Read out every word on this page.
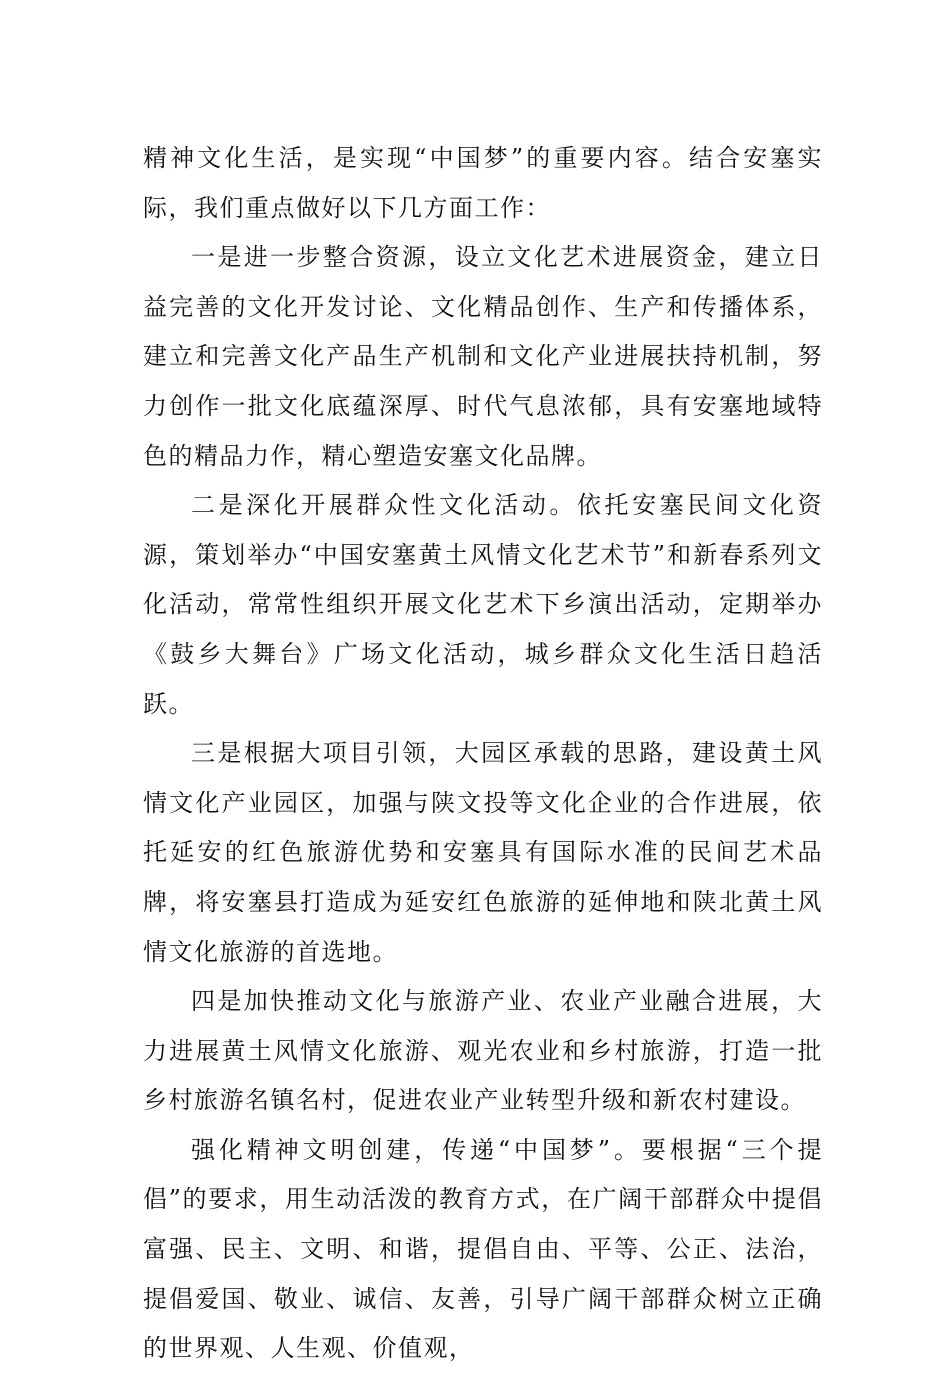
精神文化生活，是实现“中国梦”的重要内容。结合安塞实际，我们重点做好以下几方面工作：

一是进一步整合资源，设立文化艺术进展资金，建立日益完善的文化开发讨论、文化精品创作、生产和传播体系，建立和完善文化产品生产机制和文化产业进展扶持机制，努力创作一批文化底蕴深厚、时代气息浓郁，具有安塞地域特色的精品力作，精心塑造安塞文化品牌。

二是深化开展群众性文化活动。依托安塞民间文化资源，策划举办“中国安塞黄土风情文化艺术节”和新春系列文化活动，常常性组织开展文化艺术下乡演出活动，定期举办《鼓乡大舞台》广场文化活动，城乡群众文化生活日趋活跃。

三是根据大项目引领，大园区承载的思路，建设黄土风情文化产业园区，加强与陕文投等文化企业的合作进展，依托延安的红色旅游优势和安塞具有国际水准的民间艺术品牌，将安塞县打造成为延安红色旅游的延伸地和陕北黄土风情文化旅游的首选地。

四是加快推动文化与旅游产业、农业产业融合进展，大力进展黄土风情文化旅游、观光农业和乡村旅游，打造一批乡村旅游名镇名村，促进农业产业转型升级和新农村建设。

强化精神文明创建，传递“中国梦”。要根据“三个提倡”的要求，用生动活泼的教育方式，在广阔干部群众中提倡富强、民主、文明、和谐，提倡自由、平等、公正、法治，提倡爱国、敬业、诚信、友善，引导广阔干部群众树立正确的世界观、人生观、价值观，
